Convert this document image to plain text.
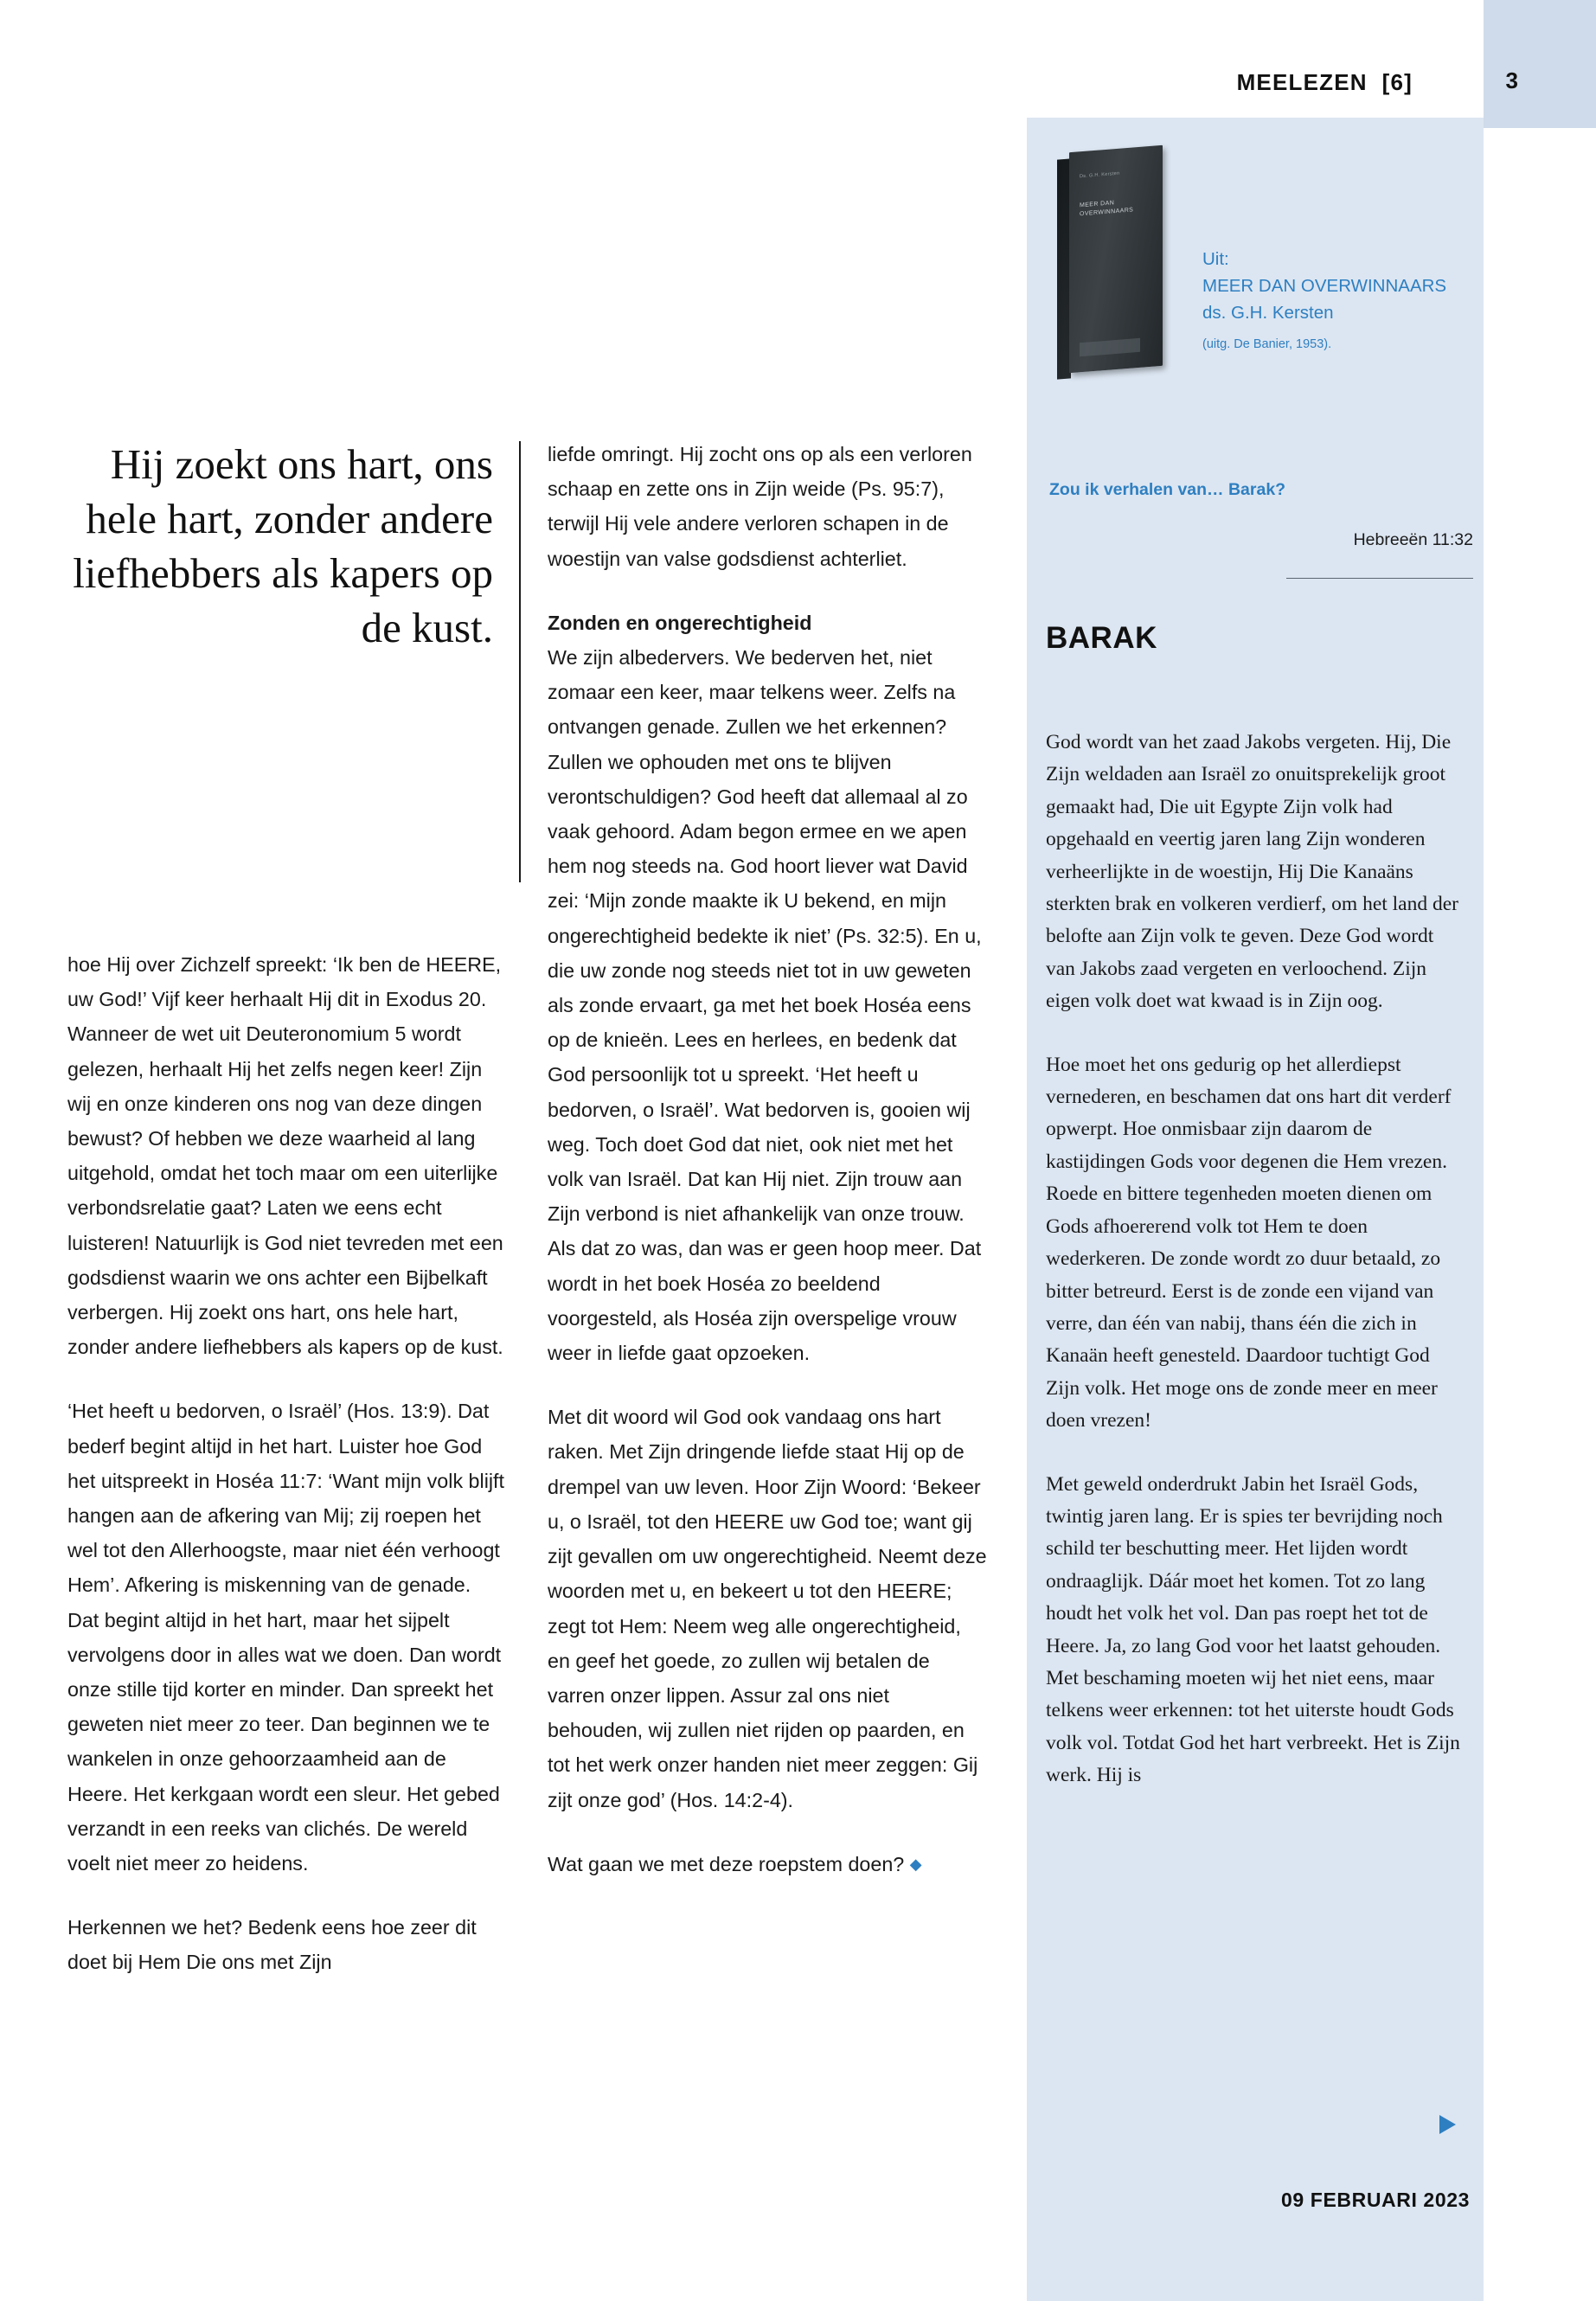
MEELEZEN [6]	3
Ds. G.H. Kersten
MEER DAN OVERWINNAARS
Uit:
MEER DAN OVERWINNAARS
ds. G.H. Kersten
(uitg. De Banier, 1953).
Zou ik verhalen van… Barak?
Hebreeën 11:32
BARAK

God wordt van het zaad Jakobs vergeten. Hij, Die Zijn weldaden aan Israël zo onuitsprekelijk groot gemaakt had, Die uit Egypte Zijn volk had opgehaald en veertig jaren lang Zijn wonderen verheerlijkte in de woestijn, Hij Die Kanaäns sterkten brak en volkeren verdierf, om het land der belofte aan Zijn volk te geven. Deze God wordt van Jakobs zaad vergeten en verloochend. Zijn eigen volk doet wat kwaad is in Zijn oog.

Hoe moet het ons gedurig op het allerdiepst vernederen, en beschamen dat ons hart dit verderf opwerpt. Hoe onmisbaar zijn daarom de kastijdingen Gods voor degenen die Hem vrezen. Roede en bittere tegenheden moeten dienen om Gods afhoererend volk tot Hem te doen wederkeren. De zonde wordt zo duur betaald, zo bitter betreurd. Eerst is de zonde een vijand van verre, dan één van nabij, thans één die zich in Kanaän heeft genesteld. Daardoor tuchtigt God Zijn volk. Het moge ons de zonde meer en meer doen vrezen!

Met geweld onderdrukt Jabin het Israël Gods, twintig jaren lang. Er is spies ter bevrijding noch schild ter beschutting meer. Het lijden wordt ondraaglijk. Dáár moet het komen. Tot zo lang houdt het volk het vol. Dan pas roept het tot de Heere. Ja, zo lang God voor het laatst gehouden. Met beschaming moeten wij het niet eens, maar telkens weer erkennen: tot het uiterste houdt Gods volk vol. Totdat God het hart verbreekt. Het is Zijn werk. Hij is

09 FEBRUARI 2023
Hij zoekt ons hart, ons hele hart, zonder andere liefhebbers als kapers op de kust.

hoe Hij over Zichzelf spreekt: ‘Ik ben de HEERE, uw God!’ Vijf keer herhaalt Hij dit in Exodus 20. Wanneer de wet uit Deuteronomium 5 wordt gelezen, herhaalt Hij het zelfs negen keer! Zijn wij en onze kinderen ons nog van deze dingen bewust? Of hebben we deze waarheid al lang uitgehold, omdat het toch maar om een uiterlijke verbondsrelatie gaat? Laten we eens echt luisteren! Natuurlijk is God niet tevreden met een godsdienst waarin we ons achter een Bijbelkaft verbergen. Hij zoekt ons hart, ons hele hart, zonder andere liefhebbers als kapers op de kust.

‘Het heeft u bedorven, o Israël’ (Hos. 13:9). Dat bederf begint altijd in het hart. Luister hoe God het uitspreekt in Hoséa 11:7: ‘Want mijn volk blijft hangen aan de afkering van Mij; zij roepen het wel tot den Allerhoogste, maar niet één verhoogt Hem’. Afkering is miskenning van de genade. Dat begint altijd in het hart, maar het sijpelt vervolgens door in alles wat we doen. Dan wordt onze stille tijd korter en minder. Dan spreekt het geweten niet meer zo teer. Dan beginnen we te wankelen in onze gehoorzaamheid aan de Heere. Het kerkgaan wordt een sleur. Het gebed verzandt in een reeks van clichés. De wereld voelt niet meer zo heidens.

Herkennen we het? Bedenk eens hoe zeer dit doet bij Hem Die ons met Zijn

liefde omringt. Hij zocht ons op als een verloren schaap en zette ons in Zijn weide (Ps. 95:7), terwijl Hij vele andere verloren schapen in de woestijn van valse godsdienst achterliet.

Zonden en ongerechtigheid

We zijn albedervers. We bederven het, niet zomaar een keer, maar telkens weer. Zelfs na ontvangen genade. Zullen we het erkennen? Zullen we ophouden met ons te blijven verontschuldigen? God heeft dat allemaal al zo vaak gehoord. Adam begon ermee en we apen hem nog steeds na. God hoort liever wat David zei: ‘Mijn zonde maakte ik U bekend, en mijn ongerechtigheid bedekte ik niet’ (Ps. 32:5). En u, die uw zonde nog steeds niet tot in uw geweten als zonde ervaart, ga met het boek Hoséa eens op de knieën. Lees en herlees, en bedenk dat God persoonlijk tot u spreekt. ‘Het heeft u bedorven, o Israël’. Wat bedorven is, gooien wij weg. Toch doet God dat niet, ook niet met het volk van Israël. Dat kan Hij niet. Zijn trouw aan Zijn verbond is niet afhankelijk van onze trouw. Als dat zo was, dan was er geen hoop meer. Dat wordt in het boek Hoséa zo beeldend voorgesteld, als Hoséa zijn overspelige vrouw weer in liefde gaat opzoeken.

Met dit woord wil God ook vandaag ons hart raken. Met Zijn dringende liefde staat Hij op de drempel van uw leven. Hoor Zijn Woord: ‘Bekeer u, o Israël, tot den HEERE uw God toe; want gij zijt gevallen om uw ongerechtigheid. Neemt deze woorden met u, en bekeert u tot den HEERE; zegt tot Hem: Neem weg alle ongerechtigheid, en geef het goede, zo zullen wij betalen de varren onzer lippen. Assur zal ons niet behouden, wij zullen niet rijden op paarden, en tot het werk onzer handen niet meer zeggen: Gij zijt onze god’ (Hos. 14:2-4).

Wat gaan we met deze roepstem doen? ◆
